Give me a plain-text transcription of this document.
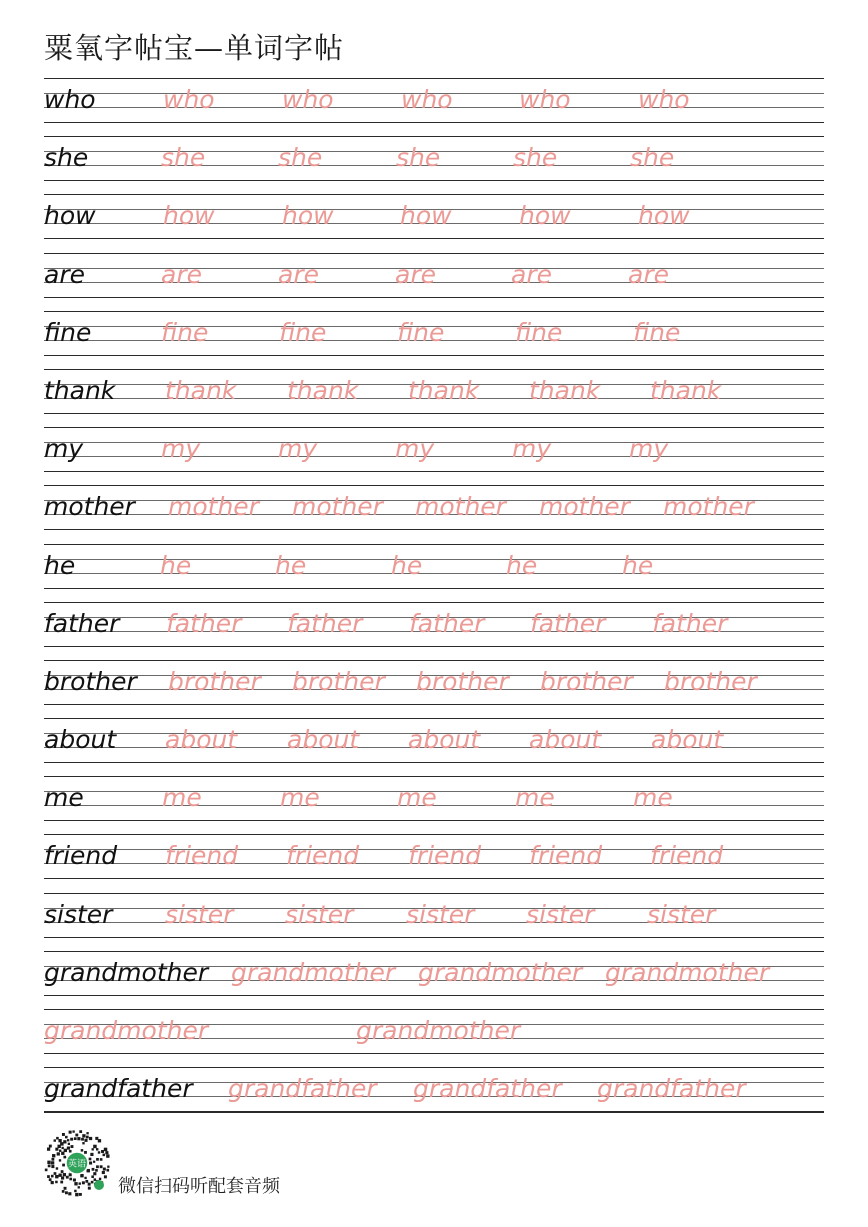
粟氧字帖宝—单词字帖
who	who	who	who	who	who
she	she	she	she	she	she
how	how	how	how	how	how
are	are	are	are	are	are
fine	fine	fine	fine	fine	fine
thank thank thank thank thank thank
my	my	my	my	my	my
mother mother mother mother mother mother
he	he	he	he	he	he
father father father father father father
brother brother brother brother brother brother
about about about about about about
me	me	me	me	me	me
friend friend friend friend friend friend
sister sister sister sister sister sister
grandmother grandmother grandmother grandmother
grandmother	grandmother
grandfather grandfather grandfather grandfather
英语
微信扫码听配套音频
